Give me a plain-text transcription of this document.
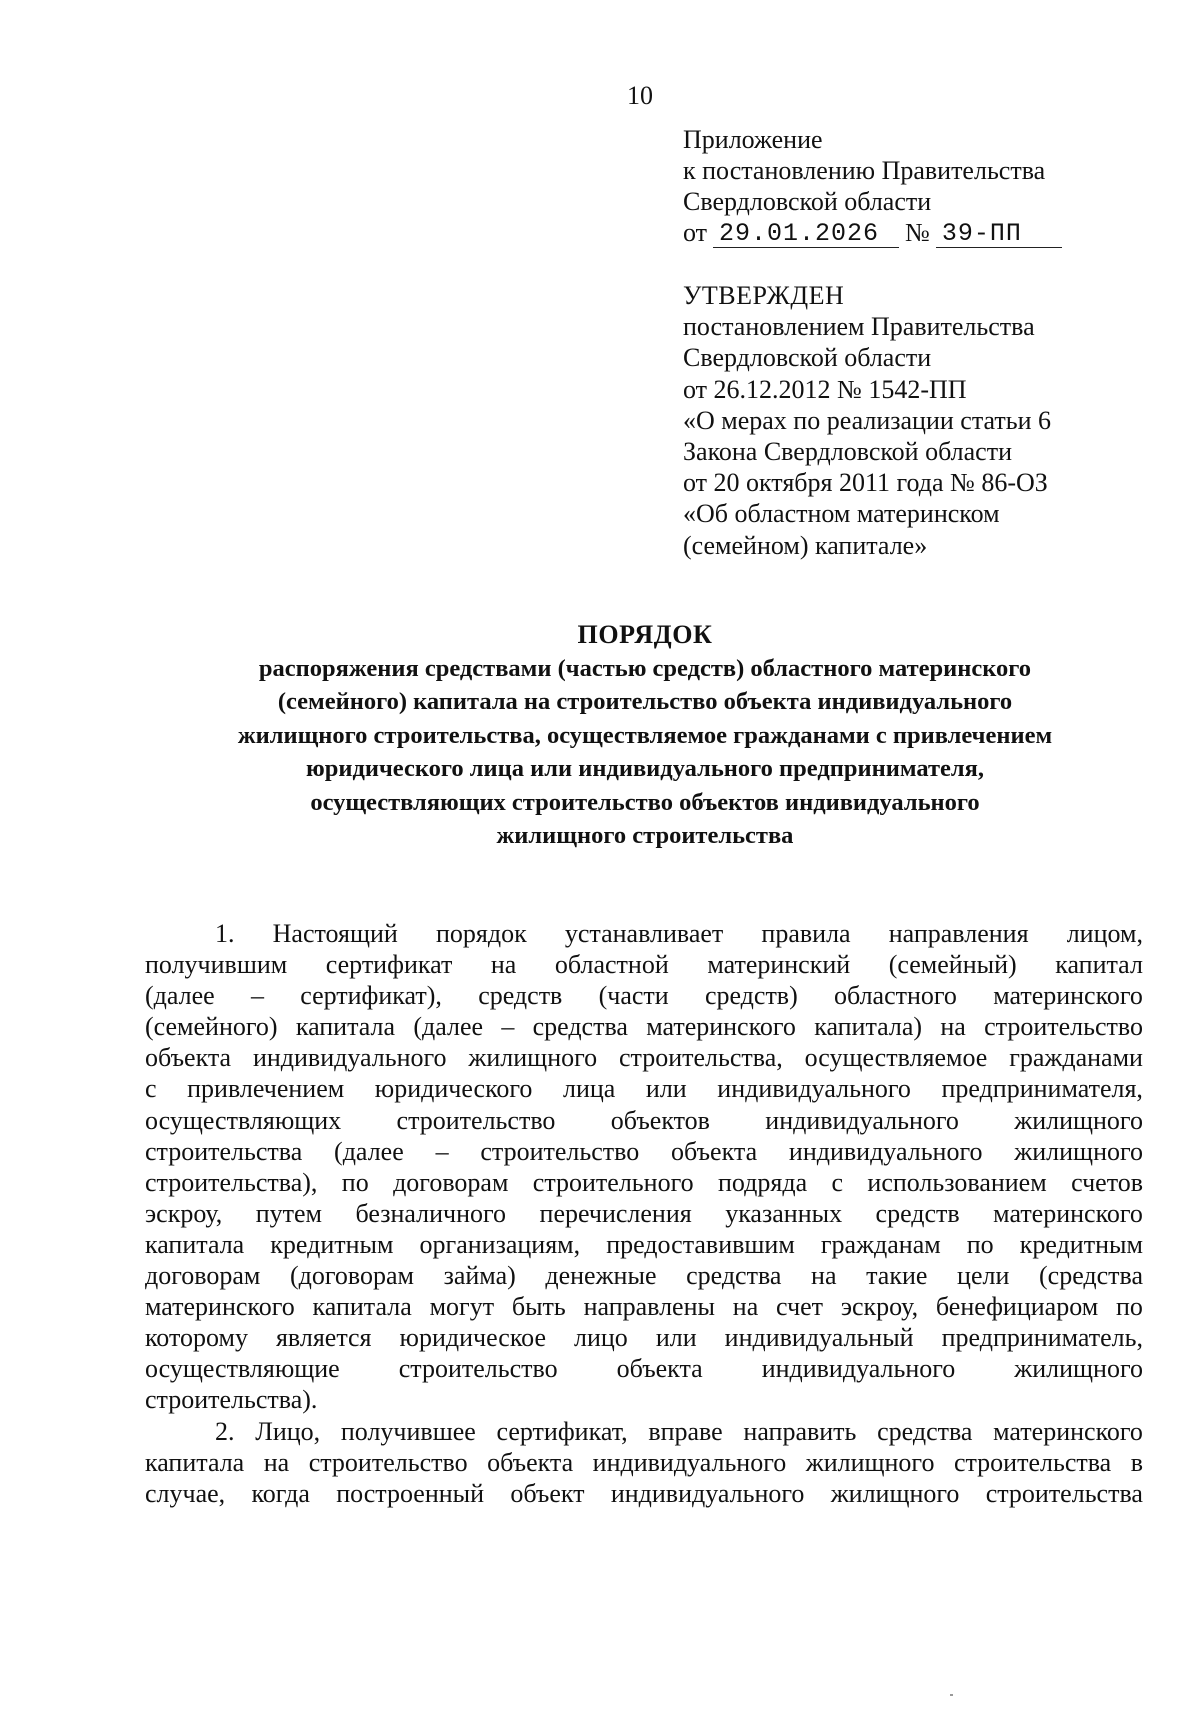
10
Приложение
к постановлению Правительства
Свердловской области
от 29.01.2026 № 39-ПП
УТВЕРЖДЕН
постановлением Правительства
Свердловской области
от 26.12.2012 № 1542-ПП
«О мерах по реализации статьи 6
Закона Свердловской области
от 20 октября 2011 года № 86-ОЗ
«Об областном материнском
(семейном) капитале»
ПОРЯДОК
распоряжения средствами (частью средств) областного материнского
(семейного) капитала на строительство объекта индивидуального
жилищного строительства, осуществляемое гражданами с привлечением
юридического лица или индивидуального предпринимателя,
осуществляющих строительство объектов индивидуального
жилищного строительства
1. Настоящий порядок устанавливает правила направления лицом,
получившим сертификат на областной материнский (семейный) капитал
(далее – сертификат), средств (части средств) областного материнского
(семейного) капитала (далее – средства материнского капитала) на строительство
объекта индивидуального жилищного строительства, осуществляемое гражданами
с привлечением юридического лица или индивидуального предпринимателя,
осуществляющих строительство объектов индивидуального жилищного
строительства (далее – строительство объекта индивидуального жилищного
строительства), по договорам строительного подряда с использованием счетов
эскроу, путем безналичного перечисления указанных средств материнского
капитала кредитным организациям, предоставившим гражданам по кредитным
договорам (договорам займа) денежные средства на такие цели (средства
материнского капитала могут быть направлены на счет эскроу, бенефициаром по
которому является юридическое лицо или индивидуальный предприниматель,
осуществляющие строительство объекта индивидуального жилищного
строительства).
2. Лицо, получившее сертификат, вправе направить средства материнского
капитала на строительство объекта индивидуального жилищного строительства в
случае, когда построенный объект индивидуального жилищного строительства
